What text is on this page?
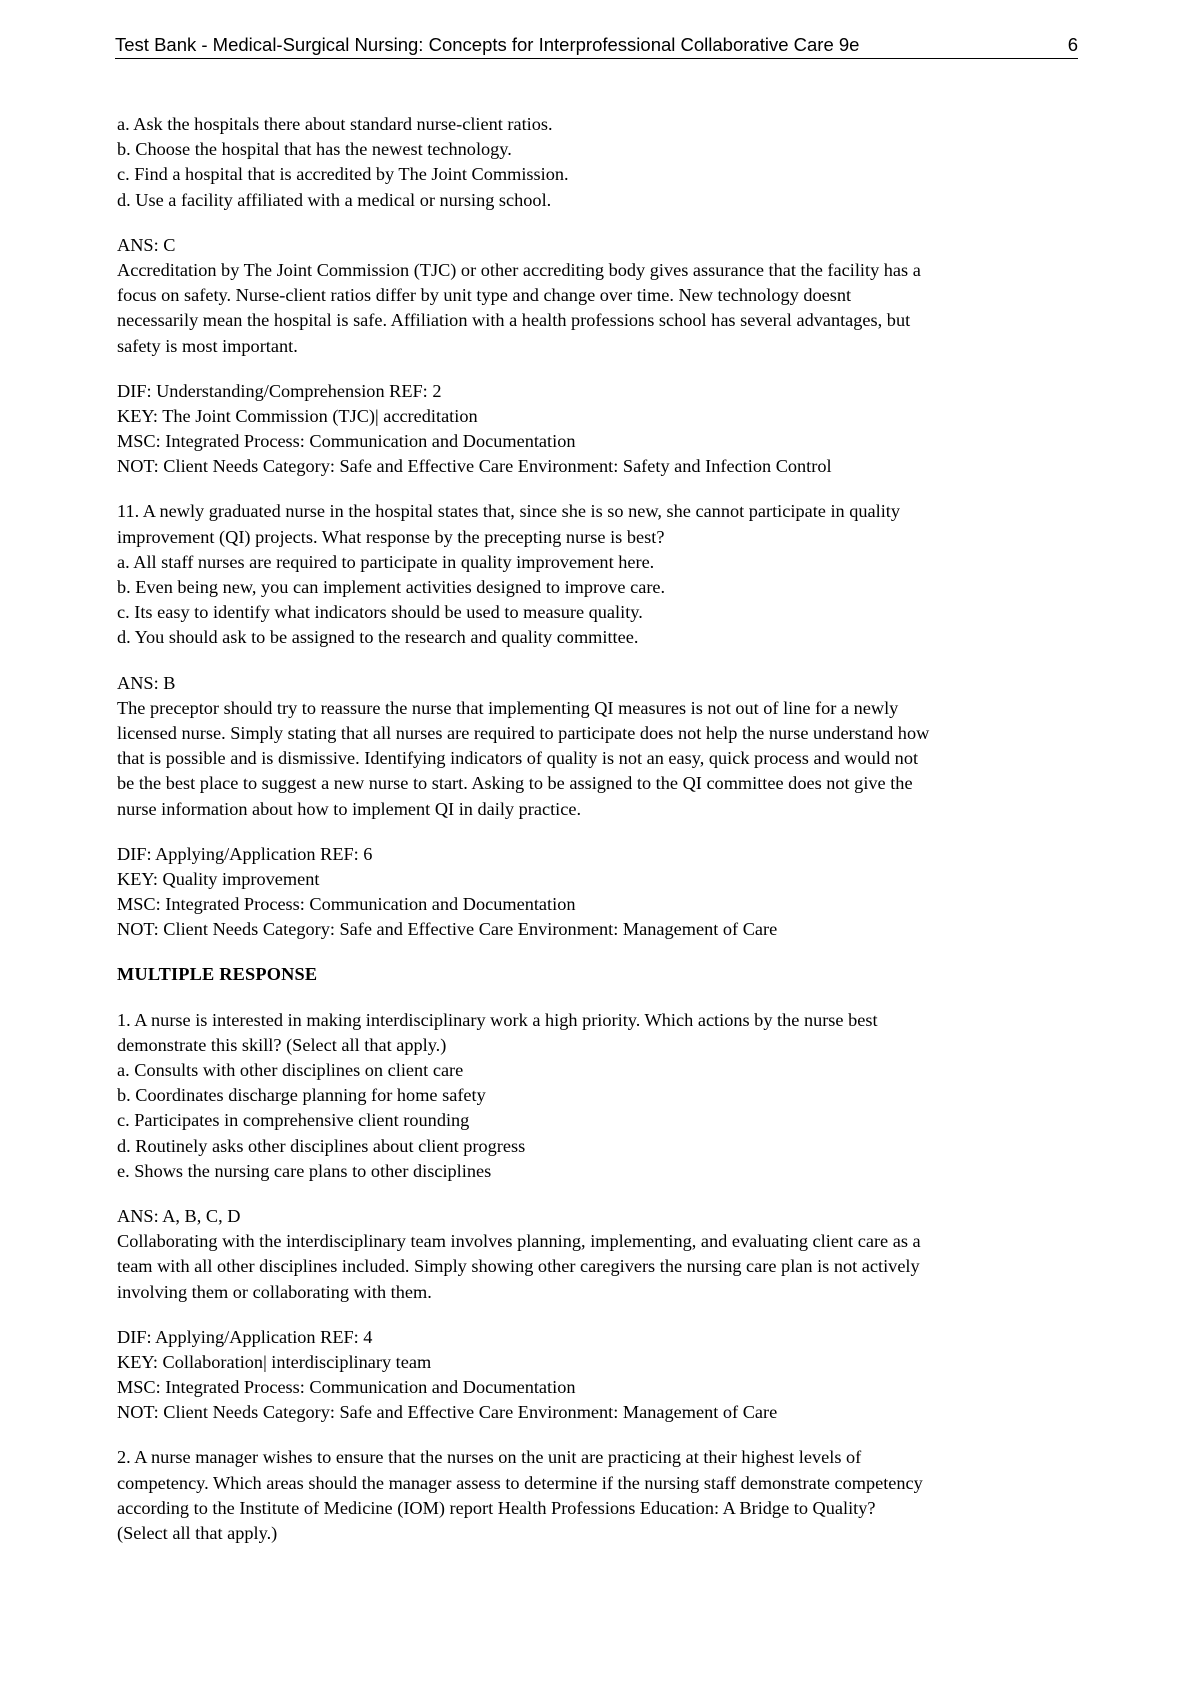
Test Bank - Medical-Surgical Nursing: Concepts for Interprofessional Collaborative Care 9e	6
a. Ask the hospitals there about standard nurse-client ratios.
b. Choose the hospital that has the newest technology.
c. Find a hospital that is accredited by The Joint Commission.
d. Use a facility affiliated with a medical or nursing school.
ANS: C
Accreditation by The Joint Commission (TJC) or other accrediting body gives assurance that the facility has a
focus on safety. Nurse-client ratios differ by unit type and change over time. New technology doesnt
necessarily mean the hospital is safe. Affiliation with a health professions school has several advantages, but
safety is most important.
DIF: Understanding/Comprehension REF: 2
KEY: The Joint Commission (TJC)| accreditation
MSC: Integrated Process: Communication and Documentation
NOT: Client Needs Category: Safe and Effective Care Environment: Safety and Infection Control
11. A newly graduated nurse in the hospital states that, since she is so new, she cannot participate in quality
improvement (QI) projects. What response by the precepting nurse is best?
a. All staff nurses are required to participate in quality improvement here.
b. Even being new, you can implement activities designed to improve care.
c. Its easy to identify what indicators should be used to measure quality.
d. You should ask to be assigned to the research and quality committee.
ANS: B
The preceptor should try to reassure the nurse that implementing QI measures is not out of line for a newly
licensed nurse. Simply stating that all nurses are required to participate does not help the nurse understand how
that is possible and is dismissive. Identifying indicators of quality is not an easy, quick process and would not
be the best place to suggest a new nurse to start. Asking to be assigned to the QI committee does not give the
nurse information about how to implement QI in daily practice.
DIF: Applying/Application REF: 6
KEY: Quality improvement
MSC: Integrated Process: Communication and Documentation
NOT: Client Needs Category: Safe and Effective Care Environment: Management of Care
MULTIPLE RESPONSE
1. A nurse is interested in making interdisciplinary work a high priority. Which actions by the nurse best
demonstrate this skill? (Select all that apply.)
a. Consults with other disciplines on client care
b. Coordinates discharge planning for home safety
c. Participates in comprehensive client rounding
d. Routinely asks other disciplines about client progress
e. Shows the nursing care plans to other disciplines
ANS: A, B, C, D
Collaborating with the interdisciplinary team involves planning, implementing, and evaluating client care as a
team with all other disciplines included. Simply showing other caregivers the nursing care plan is not actively
involving them or collaborating with them.
DIF: Applying/Application REF: 4
KEY: Collaboration| interdisciplinary team
MSC: Integrated Process: Communication and Documentation
NOT: Client Needs Category: Safe and Effective Care Environment: Management of Care
2. A nurse manager wishes to ensure that the nurses on the unit are practicing at their highest levels of
competency. Which areas should the manager assess to determine if the nursing staff demonstrate competency
according to the Institute of Medicine (IOM) report Health Professions Education: A Bridge to Quality?
(Select all that apply.)
